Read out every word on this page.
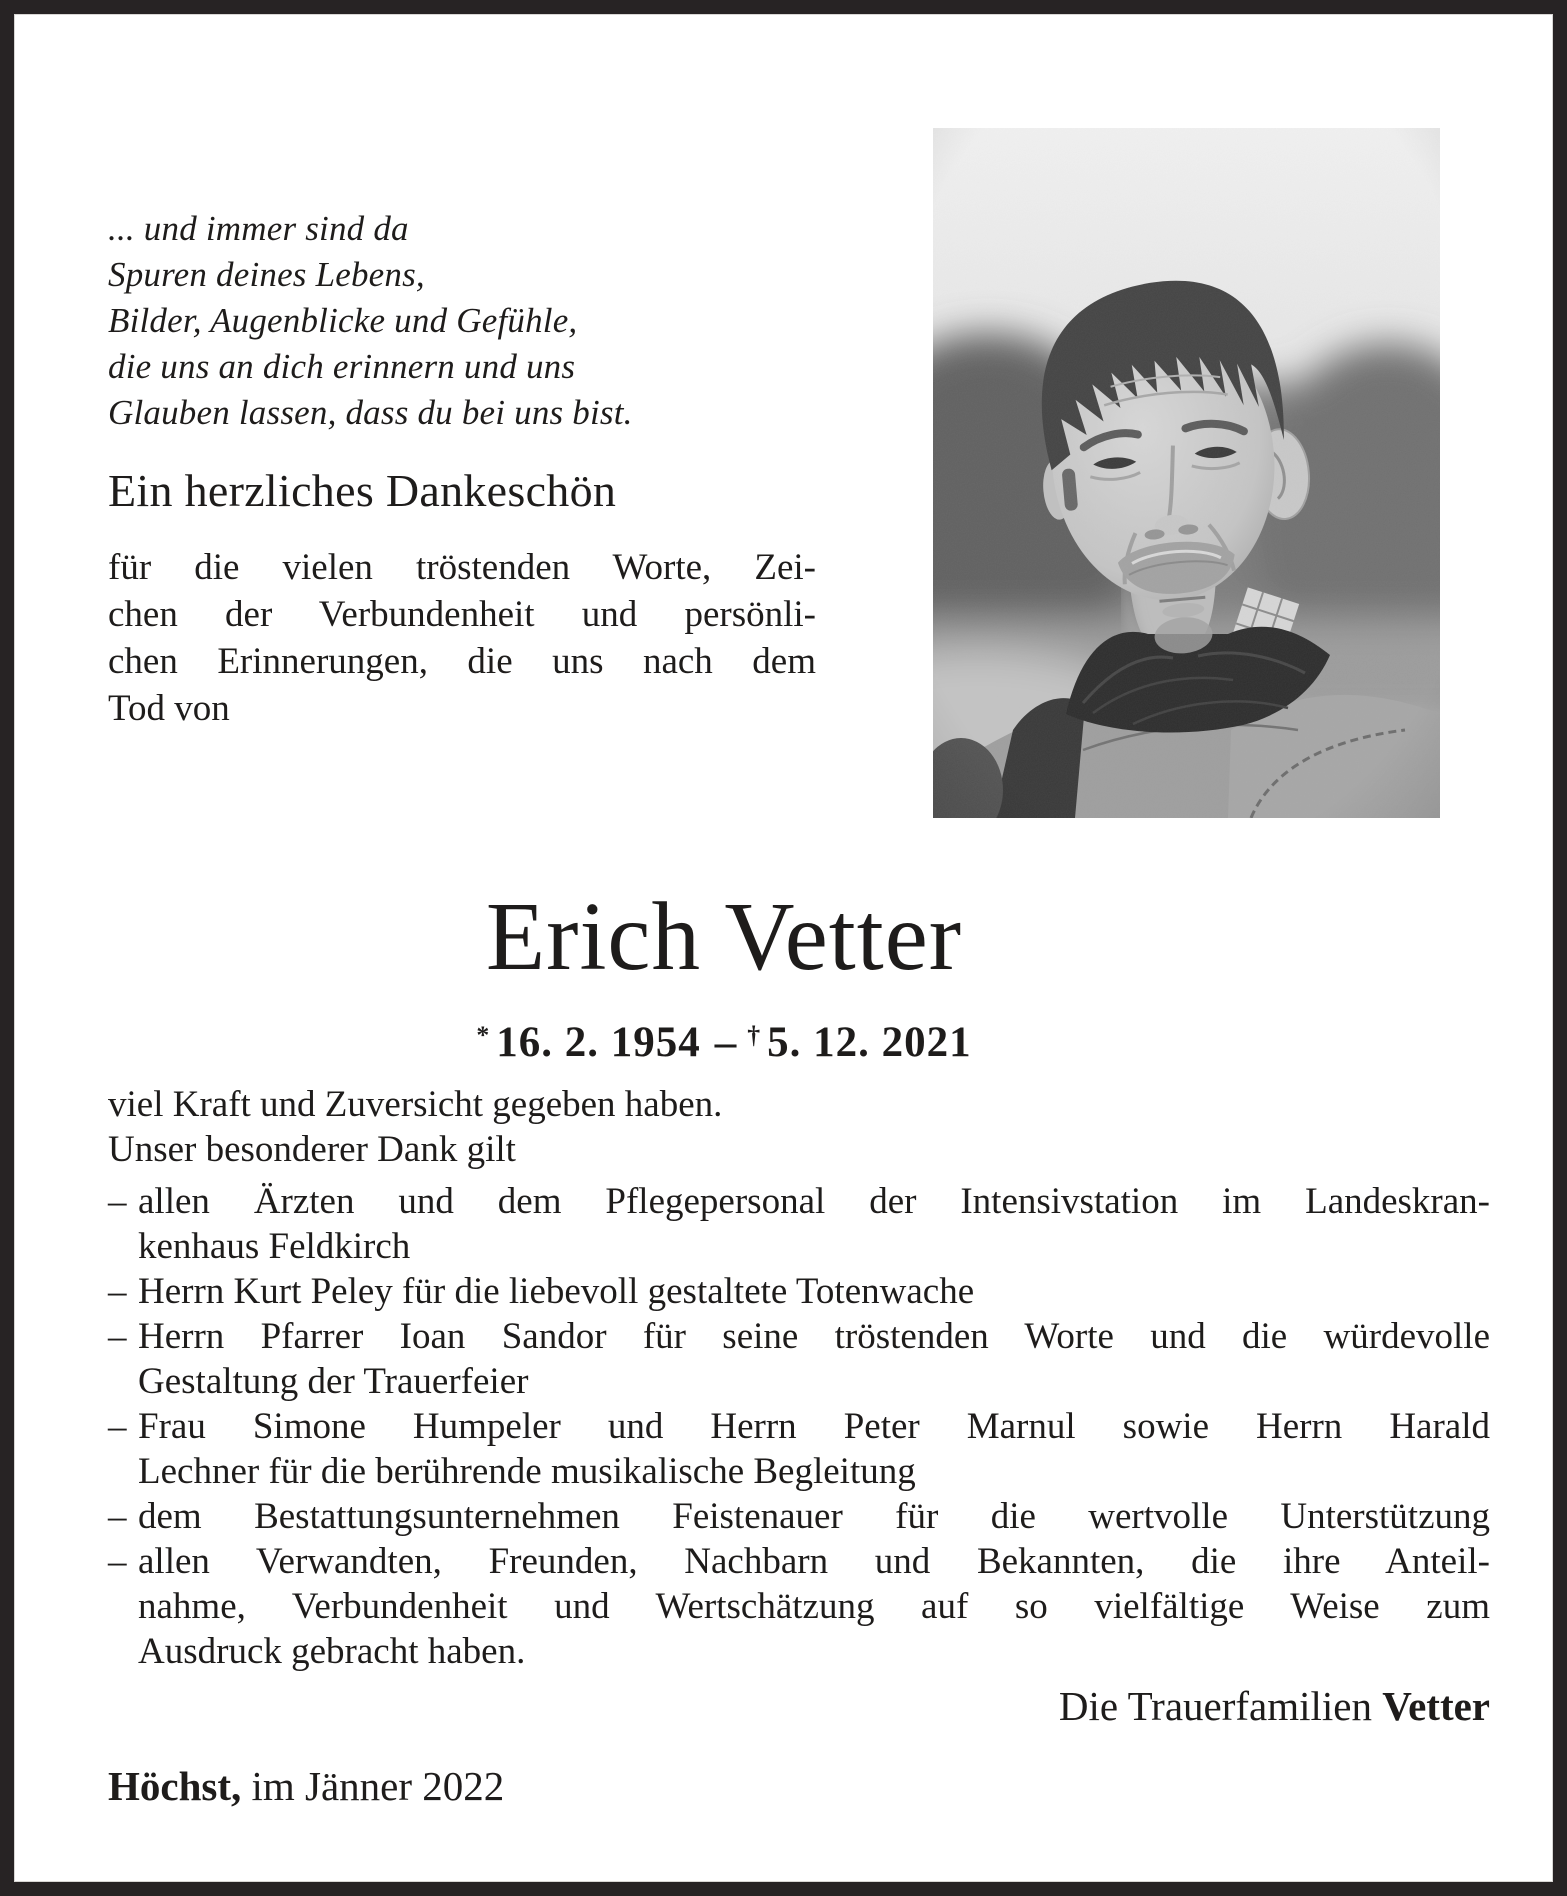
... und immer sind da
Spuren deines Lebens,
Bilder, Augenblicke und Gefühle,
die uns an dich erinnern und uns
Glauben lassen, dass du bei uns bist.
Ein herzliches Dankeschön
für die vielen tröstenden Worte, Zei-
chen der Verbundenheit und persönli-
chen Erinnerungen, die uns nach dem
Tod von
Erich Vetter
* 16. 2. 1954 – † 5. 12. 2021
viel Kraft und Zuversicht gegeben haben.
Unser besonderer Dank gilt
– allen Ärzten und dem Pflegepersonal der Intensivstation im Landeskran-
kenhaus Feldkirch
– Herrn Kurt Peley für die liebevoll gestaltete Totenwache
– Herrn Pfarrer Ioan Sandor für seine tröstenden Worte und die würdevolle
Gestaltung der Trauerfeier
– Frau Simone Humpeler und Herrn Peter Marnul sowie Herrn Harald
Lechner für die berührende musikalische Begleitung
– dem Bestattungsunternehmen Feistenauer für die wertvolle Unterstützung
– allen Verwandten, Freunden, Nachbarn und Bekannten, die ihre Anteil-
nahme, Verbundenheit und Wertschätzung auf so vielfältige Weise zum
Ausdruck gebracht haben.
Die Trauerfamilien Vetter
Höchst, im Jänner 2022
